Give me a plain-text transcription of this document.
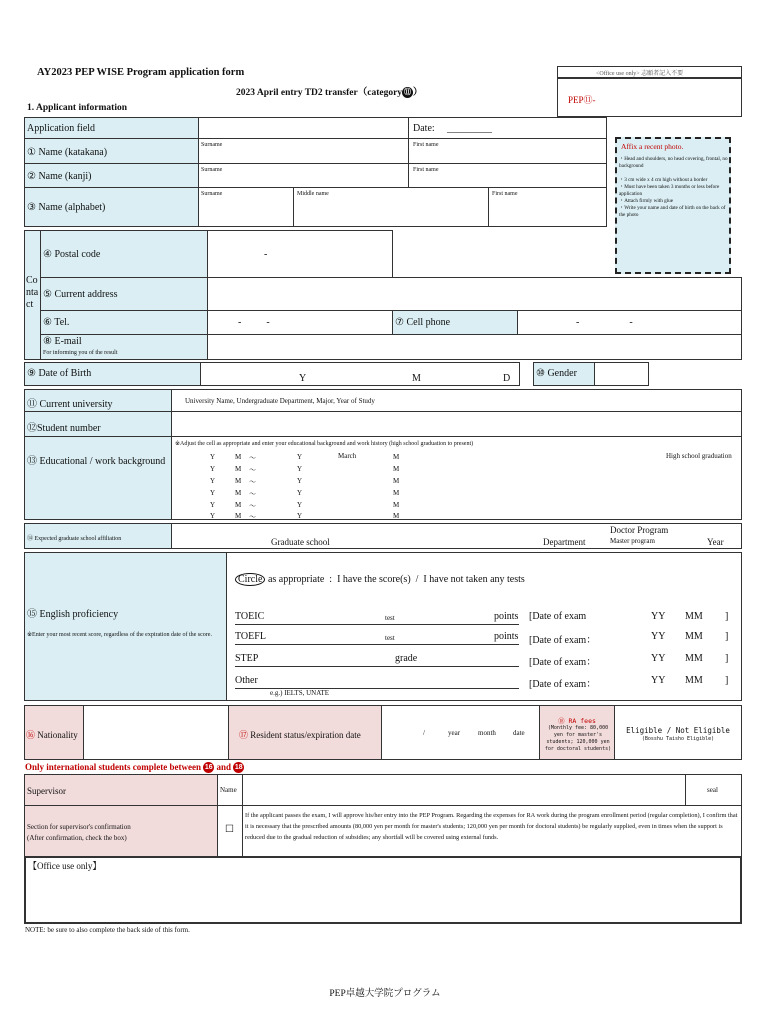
AY2023 PEP WISE Program application form
2023 April entry TD2 transfer（category ⑪ ）
<Office use only> 志願者記入不要
PEP⑪-
1. Applicant information
Application field	Date: _________
① Name (katakana)
Surname	First name
② Name (kanji)
Surname	First name
③ Name (alphabet)
Surname	Middle name	First name
Affix a recent photo.
・Head and shoulders, no head covering, frontal, no background

・3 cm wide x 4 cm high without a border
・Must have been taken 3 months or less before application
・Attach firmly with glue
・Write your name and date of birth on the back of the photo
Co
nta
ct
④ Postal code	-
⑤ Current address
⑥ Tel.	-          -	⑦ Cell phone	-                    -
⑧ E-mail
For informing you of the result
⑨ Date of Birth	Y	M	D	⑩ Gender
⑪ Current university	University Name, Undergraduate Department, Major, Year of Study
⑫Student number
⑬ Educational / work background
※Adjust the cell as appropriate and enter your educational background and work history (high school graduation to present)
March	High school graduation
Y	M ～	Y	M
Y	M ～	Y	M
Y	M ～	Y	M
Y	M ～	Y	M
Y	M ～	Y	M
Y	M ～	Y	M
⑭ Expected graduate school affiliation	Graduate school	Department
Doctor Program
Master program	Year
⑮ English proficiency
※Enter your most recent score, regardless of the expiration date of the score.
Circle as appropriate  :  I have the score(s)  /  I have not taken any tests
TOEIC	test	points [Date of exam	YY MM ]
TOEFL	test	points [Date of exam：	YY MM ]
STEP	grade	[Date of exam：	YY MM ]
Other	[Date of exam：	YY MM ]
e.g.) IELTS, UNATE
⑯ Nationality	⑰ Resident status/expiration date	/	year	month date
⑱ RA fees
(Monthly fee: 80,000 yen for master's students; 120,000 yen for doctoral students)
Eligible / Not Eligible
(Bosshu Taisho Eligible)
Only international students complete between 16 and 18
Supervisor	Name	seal
Section for supervisor's confirmation
(After confirmation, check the box)
☐
If the applicant passes the exam, I will approve his/her entry into the PEP Program. Regarding the expenses for RA work during the program enrollment period (regular completion), I confirm that it is necessary that the prescribed amounts (80,000 yen per month for master's students; 120,000 yen per month for doctoral students) be regularly supplied, even in times when the support is reduced due to the gradual reduction of subsidies; any shortfall will be covered using external funds.
【Office use only】
NOTE: be sure to also complete the back side of this form.
PEP卓越大学院プログラム
